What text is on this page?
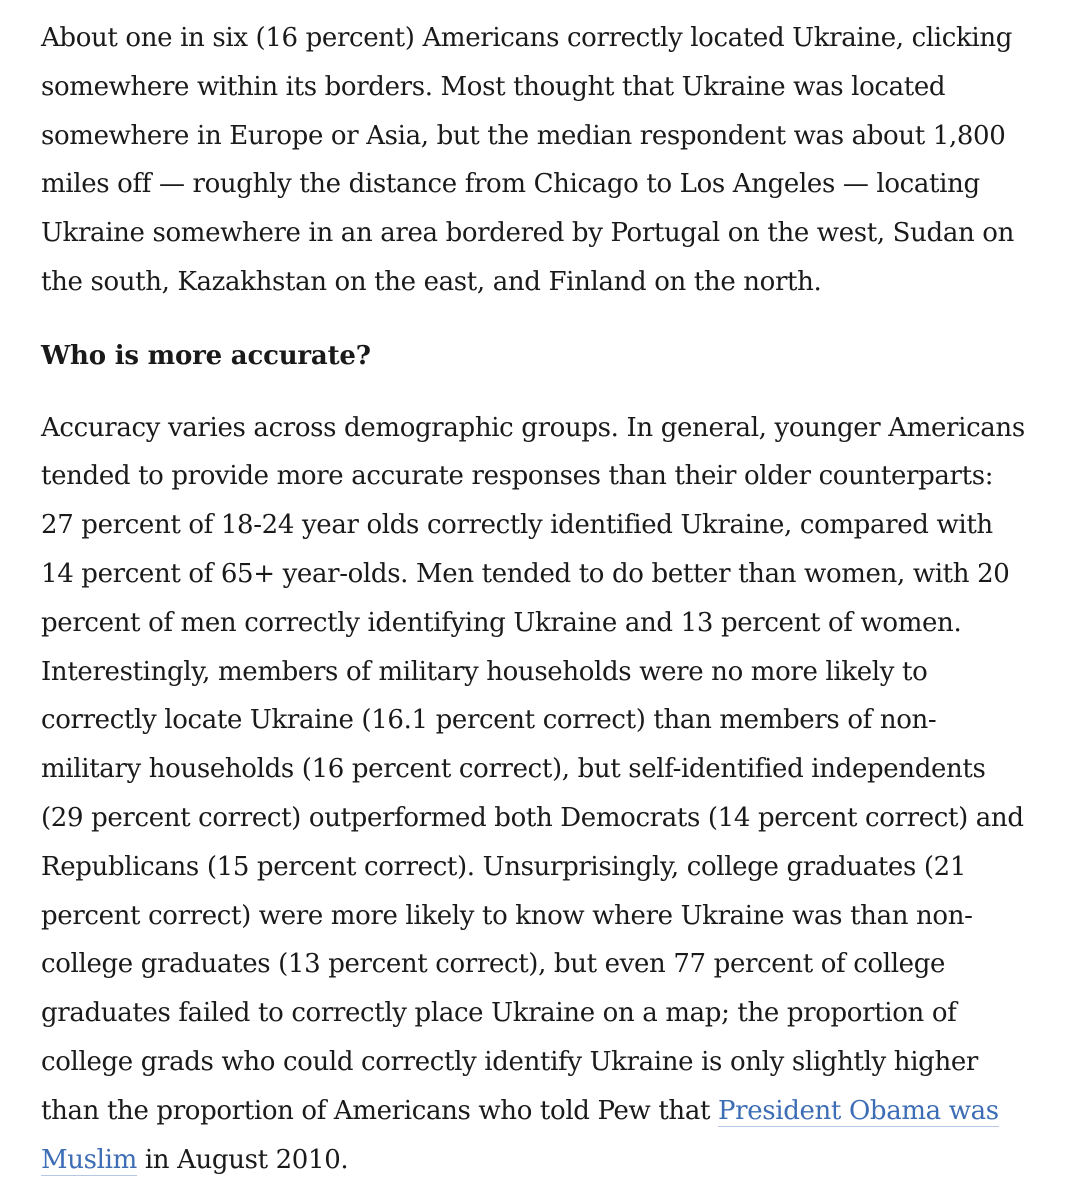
About one in six (16 percent) Americans correctly located Ukraine, clicking somewhere within its borders. Most thought that Ukraine was located somewhere in Europe or Asia, but the median respondent was about 1,800 miles off — roughly the distance from Chicago to Los Angeles — locating Ukraine somewhere in an area bordered by Portugal on the west, Sudan on the south, Kazakhstan on the east, and Finland on the north.

Who is more accurate?

Accuracy varies across demographic groups. In general, younger Americans tended to provide more accurate responses than their older counterparts: 27 percent of 18-24 year olds correctly identified Ukraine, compared with 14 percent of 65+ year-olds. Men tended to do better than women, with 20 percent of men correctly identifying Ukraine and 13 percent of women. Interestingly, members of military households were no more likely to correctly locate Ukraine (16.1 percent correct) than members of non-military households (16 percent correct), but self-identified independents (29 percent correct) outperformed both Democrats (14 percent correct) and Republicans (15 percent correct). Unsurprisingly, college graduates (21 percent correct) were more likely to know where Ukraine was than non-college graduates (13 percent correct), but even 77 percent of college graduates failed to correctly place Ukraine on a map; the proportion of college grads who could correctly identify Ukraine is only slightly higher than the proportion of Americans who told Pew that President Obama was Muslim in August 2010.
